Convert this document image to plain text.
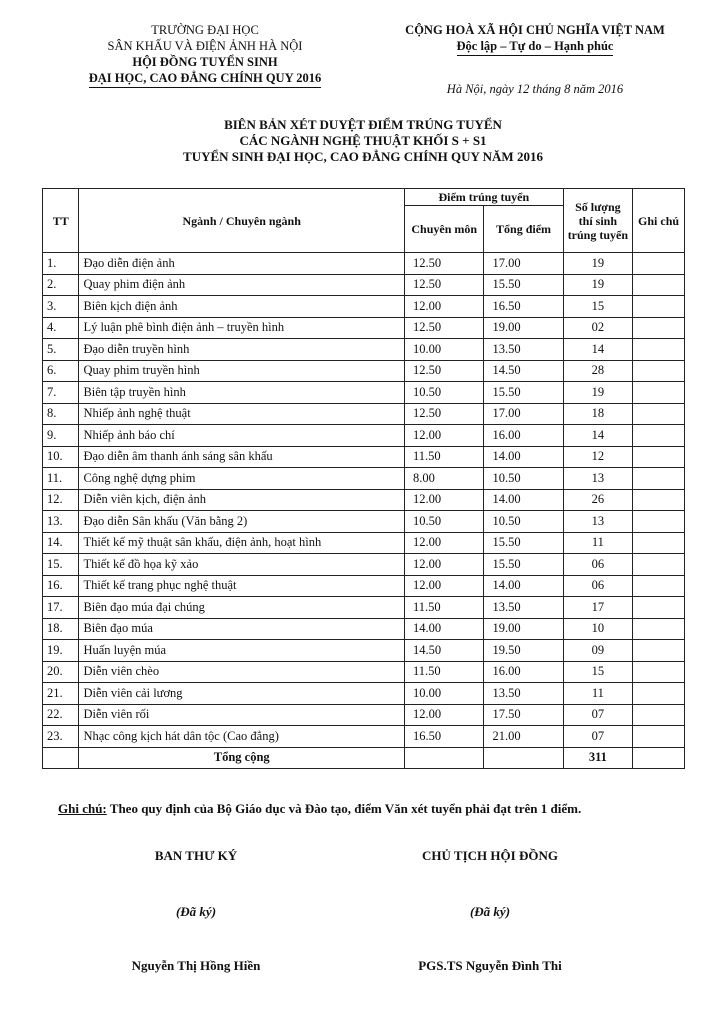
TRƯỜNG ĐẠI HỌC
SÂN KHẤU VÀ ĐIỆN ẢNH HÀ NỘI
HỘI ĐỒNG TUYỂN SINH
ĐẠI HỌC, CAO ĐẲNG CHÍNH QUY 2016
CỘNG HOÀ XÃ HỘI CHỦ NGHĨA VIỆT NAM
Độc lập – Tự do – Hạnh phúc
Hà Nội, ngày 12 tháng 8 năm 2016
BIÊN BẢN XÉT DUYỆT ĐIỂM TRÚNG TUYỂN
CÁC NGÀNH NGHỆ THUẬT KHỐI S + S1
TUYỂN SINH ĐẠI HỌC, CAO ĐẲNG CHÍNH QUY NĂM 2016
TT	Ngành / Chuyên ngành	Điểm trúng tuyển		Số lượng thí sinh trúng tuyển	Ghi chú
		Chuyên môn	Tổng điểm		
1.	Đạo diễn điện ảnh	12.50	17.00	19	
2.	Quay phim điện ảnh	12.50	15.50	19	
3.	Biên kịch điện ảnh	12.00	16.50	15	
4.	Lý luận phê bình điện ảnh – truyền hình	12.50	19.00	02	
5.	Đạo diễn truyền hình	10.00	13.50	14	
6.	Quay phim truyền hình	12.50	14.50	28	
7.	Biên tập truyền hình	10.50	15.50	19	
8.	Nhiếp ảnh nghệ thuật	12.50	17.00	18	
9.	Nhiếp ảnh báo chí	12.00	16.00	14	
10.	Đạo diễn âm thanh ánh sáng sân khấu	11.50	14.00	12	
11.	Công nghệ dựng phim	8.00	10.50	13	
12.	Diễn viên kịch, điện ảnh	12.00	14.00	26	
13.	Đạo diễn Sân khấu (Văn bằng 2)	10.50	10.50	13	
14.	Thiết kế mỹ thuật sân khấu, điện ảnh, hoạt hình	12.00	15.50	11	
15.	Thiết kế đồ họa kỹ xảo	12.00	15.50	06	
16.	Thiết kế trang phục nghệ thuật	12.00	14.00	06	
17.	Biên đạo múa đại chúng	11.50	13.50	17	
18.	Biên đạo múa	14.00	19.00	10	
19.	Huấn luyện múa	14.50	19.50	09	
20.	Diễn viên chèo	11.50	16.00	15	
21.	Diễn viên cải lương	10.00	13.50	11	
22.	Diễn viên rối	12.00	17.50	07	
23.	Nhạc công kịch hát dân tộc (Cao đẳng)	16.50	21.00	07	
	Tổng cộng			311	
Ghi chú: Theo quy định của Bộ Giáo dục và Đào tạo, điểm Văn xét tuyển phải đạt trên 1 điểm.
BAN THƯ KÝ
(Đã ký)
Nguyễn Thị Hồng Hiền
CHỦ TỊCH HỘI ĐỒNG
(Đã ký)
PGS.TS Nguyễn Đình Thi
